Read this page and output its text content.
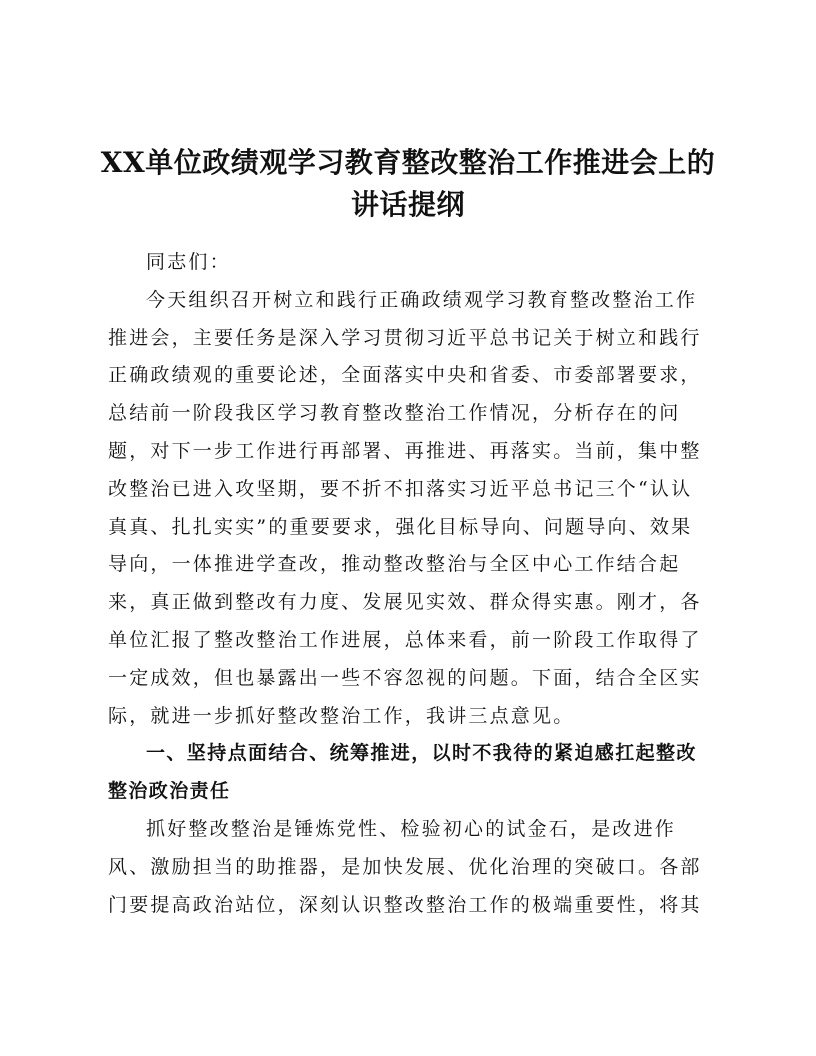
XX单位政绩观学习教育整改整治工作推进会上的讲话提纲

同志们：

今天组织召开树立和践行正确政绩观学习教育整改整治工作推进会，主要任务是深入学习贯彻习近平总书记关于树立和践行正确政绩观的重要论述，全面落实中央和省委、市委部署要求，总结前一阶段我区学习教育整改整治工作情况，分析存在的问题，对下一步工作进行再部署、再推进、再落实。当前，集中整改整治已进入攻坚期，要不折不扣落实习近平总书记三个“认认真真、扎扎实实”的重要要求，强化目标导向、问题导向、效果导向，一体推进学查改，推动整改整治与全区中心工作结合起来，真正做到整改有力度、发展见实效、群众得实惠。刚才，各单位汇报了整改整治工作进展，总体来看，前一阶段工作取得了一定成效，但也暴露出一些不容忽视的问题。下面，结合全区实际，就进一步抓好整改整治工作，我讲三点意见。

一、坚持点面结合、统筹推进，以时不我待的紧迫感扛起整改整治政治责任

抓好整改整治是锤炼党性、检验初心的试金石，是改进作风、激励担当的助推器，是加快发展、优化治理的突破口。各部门要提高政治站位，深刻认识整改整治工作的极端重要性，将其
